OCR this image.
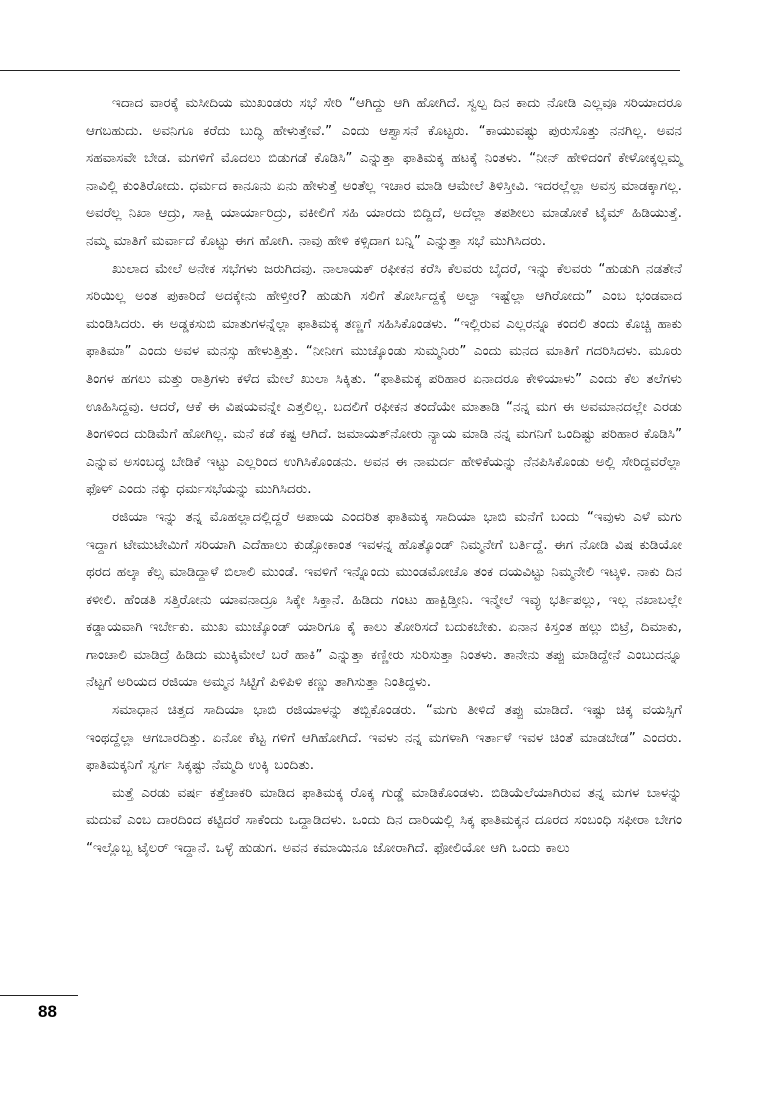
ಇದಾದ ವಾರಕ್ಕೆ ಮಸೀದಿಯ ಮುಖಂಡರು ಸಭೆ ಸೇರಿ “ಆಗಿದ್ದು ಆಗಿ ಹೋಗಿದೆ. ಸ್ವಲ್ಪ ದಿನ ಕಾದು ನೋಡಿ ಎಲ್ಲವೂ ಸರಿಯಾದರೂ ಆಗಬಹುದು. ಅವನಿಗೂ ಕರೆದು ಬುದ್ಧಿ ಹೇಳುತ್ತೇವೆ.” ಎಂದು ಆಶ್ವಾಸನೆ ಕೊಟ್ಟರು. “ಕಾಯುವಷ್ಟು ಪುರುಸೊತ್ತು ನನಗಿಲ್ಲ. ಅವನ ಸಹವಾಸವೇ ಬೇಡ. ಮಗಳಿಗೆ ಮೊದಲು ಬಿಡುಗಡೆ ಕೊಡಿಸಿ” ಎನ್ನುತ್ತಾ ಫಾತಿಮಕ್ಕ ಹಟಕ್ಕೆ ನಿಂತಳು. “ನೀನ್ ಹೇಳಿದಂಗೆ ಕೇಳೋಕ್ಕಲ್ಲಮ್ಮ ನಾವಿಲ್ಲಿ ಕುಂತಿರೋದು. ಧರ್ಮದ ಕಾನೂನು ಏನು ಹೇಳುತ್ತೆ ಅಂತೆಲ್ಲ ಇಚಾರ ಮಾಡಿ ಆಮೇಲೆ ತಿಳಿಸ್ತೀವಿ. ಇದರಲ್ಲೆಲ್ಲಾ ಅವಸ್ರ ಮಾಡಕ್ಕಾಗಲ್ಲ. ಅವರೆಲ್ಲ ನಿಖಾ ಆದ್ರು, ಸಾಕ್ಷಿ ಯಾರ್ಯಾರಿದ್ರು, ವಕೀಲಿಗೆ ಸಹಿ ಯಾರದು ಬಿದ್ದಿದೆ, ಅದೆಲ್ಲಾ ತಪಶೀಲು ಮಾಡೋಕೆ ಟೈಮ್ ಹಿಡಿಯುತ್ತೆ. ನಮ್ಮ ಮಾತಿಗೆ ಮರ್ವಾದೆ ಕೊಟ್ಟು ಈಗ ಹೋಗಿ. ನಾವು ಹೇಳಿ ಕಳ್ಸಿದಾಗ ಬನ್ನಿ” ಎನ್ನುತ್ತಾ ಸಭೆ ಮುಗಿಸಿದರು.

ಖುಲಾದ ಮೇಲೆ ಅನೇಕ ಸಭೆಗಳು ಜರುಗಿದವು. ನಾಲಾಯಕ್ ರಫೀಕನ ಕರೆಸಿ ಕೆಲವರು ಬೈದರೆ, ಇನ್ನು ಕೆಲವರು “ಹುಡುಗಿ ನಡತೇನೆ ಸರಿಯಿಲ್ಲ ಅಂತ ಪುಕಾರಿದೆ ಅದಕ್ಕೇನು ಹೇಳ್ತೀರ? ಹುಡುಗಿ ಸಲಿಗೆ ತೋರ್ಸಿದ್ದಕ್ಕೆ ಅಲ್ವಾ ಇಷ್ಟೆಲ್ಲಾ ಆಗಿರೋದು” ಎಂಬ ಭಂಡವಾದ ಮಂಡಿಸಿದರು. ಈ ಅಡ್ಡಕಸುಬಿ ಮಾತುಗಳನ್ನೆಲ್ಲಾ ಫಾತಿಮಕ್ಕ ತಣ್ಣಗೆ ಸಹಿಸಿಕೊಂಡಳು. “ಇಲ್ಲಿರುವ ಎಲ್ಲರನ್ನೂ ಕಂದಲಿ ತಂದು ಕೊಚ್ಚಿ ಹಾಕು ಫಾತಿಮಾ” ಎಂದು ಅವಳ ಮನಸ್ಸು ಹೇಳುತ್ತಿತ್ತು. “ನೀನೀಗ ಮುಚ್ಕೊಂಡು ಸುಮ್ಮನಿರು” ಎಂದು ಮನದ ಮಾತಿಗೆ ಗದರಿಸಿದಳು. ಮೂರು ತಿಂಗಳ ಹಗಲು ಮತ್ತು ರಾತ್ರಿಗಳು ಕಳೆದ ಮೇಲೆ ಖುಲಾ ಸಿಕ್ಕಿತು. “ಫಾತಿಮಕ್ಕ ಪರಿಹಾರ ಏನಾದರೂ ಕೇಳಿಯಾಳು” ಎಂದು ಕೆಲ ತಲೆಗಳು ಊಹಿಸಿದ್ದವು. ಆದರೆ, ಆಕೆ ಈ ವಿಷಯವನ್ನೇ ಎತ್ತಲಿಲ್ಲ. ಬದಲಿಗೆ ರಫೀಕನ ತಂದೆಯೇ ಮಾತಾಡಿ “ನನ್ನ ಮಗ ಈ ಅವಮಾನದಲ್ಲೇ ಎರಡು ತಿಂಗಳಿಂದ ದುಡಿಮೆಗೆ ಹೋಗಿಲ್ಲ. ಮನೆ ಕಡೆ ಕಷ್ಟ ಆಗಿದೆ. ಜಮಾಯತ್‌ನೋರು ನ್ಯಾಯ ಮಾಡಿ ನನ್ನ ಮಗನಿಗೆ ಒಂದಿಷ್ಟು ಪರಿಹಾರ ಕೊಡಿಸಿ” ಎನ್ನುವ ಅಸಂಬದ್ಧ ಬೇಡಿಕೆ ಇಟ್ಟು ಎಲ್ಲರಿಂದ ಉಗಿಸಿಕೊಂಡನು. ಅವನ ಈ ನಾಮರ್ದ ಹೇಳಿಕೆಯನ್ನು ನೆನಪಿಸಿಕೊಂಡು ಅಲ್ಲಿ ಸೇರಿದ್ದವರೆಲ್ಲಾ ಫೊಳ್ ಎಂದು ನಕ್ಕು ಧರ್ಮಸಭೆಯನ್ನು ಮುಗಿಸಿದರು.

ರಜಿಯಾ ಇನ್ನು ತನ್ನ ಮೊಹಲ್ಲಾದಲ್ಲಿದ್ದರೆ ಅಪಾಯ ಎಂದರಿತ ಫಾತಿಮಕ್ಕ ಸಾದಿಯಾ ಭಾಬಿ ಮನೆಗೆ ಬಂದು “ಇವುಳು ಎಳೆ ಮಗು ಇದ್ದಾಗ ಟೇಮುಟೇಮಿಗೆ ಸರಿಯಾಗಿ ಎದೆಹಾಲು ಕುಡ್ಸೋಕಾಂತ ಇವಳನ್ನ ಹೊತ್ಕೊಂಡ್ ನಿಮ್ಮನೇಗೆ ಬರ್ತಿದ್ದೆ. ಈಗ ನೋಡಿ ವಿಷ ಕುಡಿಯೋ ಥರದ ಹಲ್ಕಾ ಕೆಲ್ಸ ಮಾಡಿದ್ದಾಳೆ ಬಿಲಾಲಿ ಮುಂಡೆ. ಇವಳಿಗೆ ಇನ್ನೊಂದು ಮುಂಡಮೋಚೊ ತಂಕ ದಯವಿಟ್ಟು ನಿಮ್ಮನೇಲಿ ಇಟ್ಕಳಿ. ನಾಕು ದಿನ ಕಳೀಲಿ. ಹೆಂಡತಿ ಸತ್ತಿರೋನು ಯಾವನಾದ್ರೂ ಸಿಕ್ಕೇ ಸಿಕ್ತಾನೆ. ಹಿಡಿದು ಗಂಟು ಹಾಕ್ಬಿಡ್ತೀನಿ. ಇನ್ಮೇಲೆ ಇವ್ಳು ಭರ್ತಿಪಲ್ಲು, ಇಲ್ಲ ನಖಾಬಲ್ಲೇ ಕಡ್ಡಾಯವಾಗಿ ಇರ್ಬೇಕು. ಮುಖ ಮುಚ್ಕೊಂಡ್ ಯಾರಿಗೂ ಕೈ ಕಾಲು ತೋರಿಸದೆ ಬದುಕಬೇಕು. ಏನಾನ ಕಿಸ್ತಂತ ಹಲ್ಲು ಬಿಟ್ರೆ, ದಿಮಾಕು, ಗಾಂಚಾಲಿ ಮಾಡಿದ್ರೆ ಹಿಡಿದು ಮುಕ್ಕಿಮೇಲೆ ಬರೆ ಹಾಕಿ” ಎನ್ನುತ್ತಾ ಕಣ್ಣೀರು ಸುರಿಸುತ್ತಾ ನಿಂತಳು. ತಾನೇನು ತಪ್ಪು ಮಾಡಿದ್ದೇನೆ ಎಂಬುದನ್ನೂ ನೆಟ್ಟಗೆ ಅರಿಯದ ರಜಿಯಾ ಅಮ್ಮನ ಸಿಟ್ಟಿಗೆ ಪಿಳಿಪಿಳಿ ಕಣ್ಣು ತಾಗಿಸುತ್ತಾ ನಿಂತಿದ್ದಳು.

ಸಮಾಧಾನ ಚಿತ್ತದ ಸಾದಿಯಾ ಭಾಬಿ ರಜಿಯಾಳನ್ನು ತಬ್ಬಿಕೊಂಡರು. “ಮಗು ತೀಳಿದೆ ತಪ್ಪು ಮಾಡಿದೆ. ಇಷ್ಟು ಚಿಕ್ಕ ವಯಸ್ಸಿಗೆ ಇಂಥದ್ದೆಲ್ಲಾ ಆಗಬಾರದಿತ್ತು. ಏನೋ ಕೆಟ್ಟ ಗಳಿಗೆ ಆಗಿಹೋಗಿದೆ. ಇವಳು ನನ್ನ ಮಗಳಾಗಿ ಇರ್ತಾಳೆ ಇವಳ ಚಿಂತೆ ಮಾಡಬೇಡ” ಎಂದರು. ಫಾತಿಮಕ್ಕನಿಗೆ ಸ್ವರ್ಗ ಸಿಕ್ಕಷ್ಟು ನೆಮ್ಮದಿ ಉಕ್ಕಿ ಬಂದಿತು.

ಮತ್ತೆ ಎರಡು ವರ್ಷ ಕತ್ತೆಚಾಕರಿ ಮಾಡಿದ ಫಾತಿಮಕ್ಕ ರೊಕ್ಕ ಗುಡ್ಡೆ ಮಾಡಿಕೊಂಡಳು. ಬಿಡಿಯೆಲೆಯಾಗಿರುವ ತನ್ನ ಮಗಳ ಬಾಳನ್ನು ಮದುವೆ ಎಂಬ ದಾರದಿಂದ ಕಟ್ಟಿದರೆ ಸಾಕೆಂದು ಒದ್ದಾಡಿದಳು. ಒಂದು ದಿನ ದಾರಿಯಲ್ಲಿ ಸಿಕ್ಕ ಫಾತಿಮಕ್ಕನ ದೂರದ ಸಂಬಂಧಿ ಸಫೀರಾ ಬೇಗಂ “ಇಲ್ಲೊಬ್ಬ ಟೈಲರ್ ಇದ್ದಾನೆ. ಒಳ್ಳೆ ಹುಡುಗ. ಅವನ ಕಮಾಯಿನೂ ಜೋರಾಗಿದೆ. ಫೋಲಿಯೋ ಆಗಿ ಒಂದು ಕಾಲು

88
